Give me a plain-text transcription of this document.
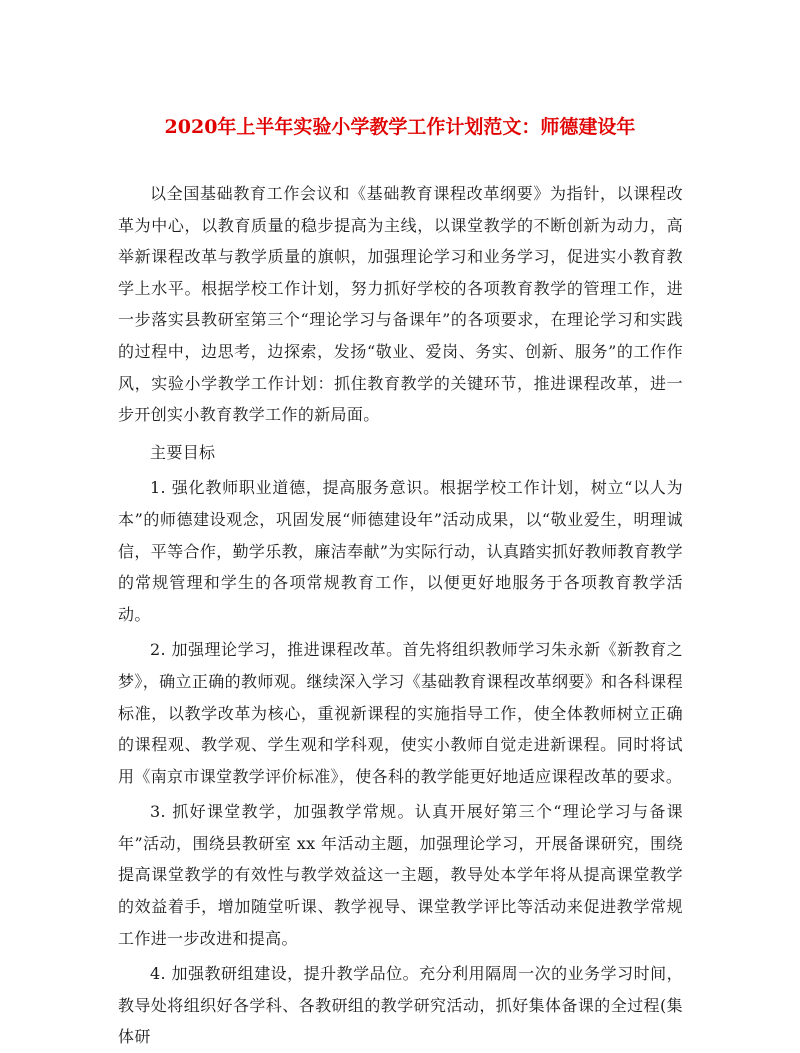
2020年上半年实验小学教学工作计划范文：师德建设年

以全国基础教育工作会议和《基础教育课程改革纲要》为指针，以课程改革为中心，以教育质量的稳步提高为主线，以课堂教学的不断创新为动力，高举新课程改革与教学质量的旗帜，加强理论学习和业务学习，促进实小教育教学上水平。根据学校工作计划，努力抓好学校的各项教育教学的管理工作，进一步落实县教研室第三个“理论学习与备课年”的各项要求，在理论学习和实践的过程中，边思考，边探索，发扬“敬业、爱岗、务实、创新、服务”的工作作风，实验小学教学工作计划：抓住教育教学的关键环节，推进课程改革，进一步开创实小教育教学工作的新局面。

主要目标

1. 强化教师职业道德，提高服务意识。根据学校工作计划，树立“以人为本”的师德建设观念，巩固发展“师德建设年”活动成果，以“敬业爱生，明理诚信，平等合作，勤学乐教，廉洁奉献”为实际行动，认真踏实抓好教师教育教学的常规管理和学生的各项常规教育工作，以便更好地服务于各项教育教学活动。

2. 加强理论学习，推进课程改革。首先将组织教师学习朱永新《新教育之梦》，确立正确的教师观。继续深入学习《基础教育课程改革纲要》和各科课程标准，以教学改革为核心，重视新课程的实施指导工作，使全体教师树立正确的课程观、教学观、学生观和学科观，使实小教师自觉走进新课程。同时将试用《南京市课堂教学评价标准》，使各科的教学能更好地适应课程改革的要求。

3. 抓好课堂教学，加强教学常规。认真开展好第三个“理论学习与备课年”活动，围绕县教研室 xx 年活动主题，加强理论学习，开展备课研究，围绕提高课堂教学的有效性与教学效益这一主题，教导处本学年将从提高课堂教学的效益着手，增加随堂听课、教学视导、课堂教学评比等活动来促进教学常规工作进一步改进和提高。

4. 加强教研组建设，提升教学品位。充分利用隔周一次的业务学习时间，教导处将组织好各学科、各教研组的教学研究活动，抓好集体备课的全过程(集体研
